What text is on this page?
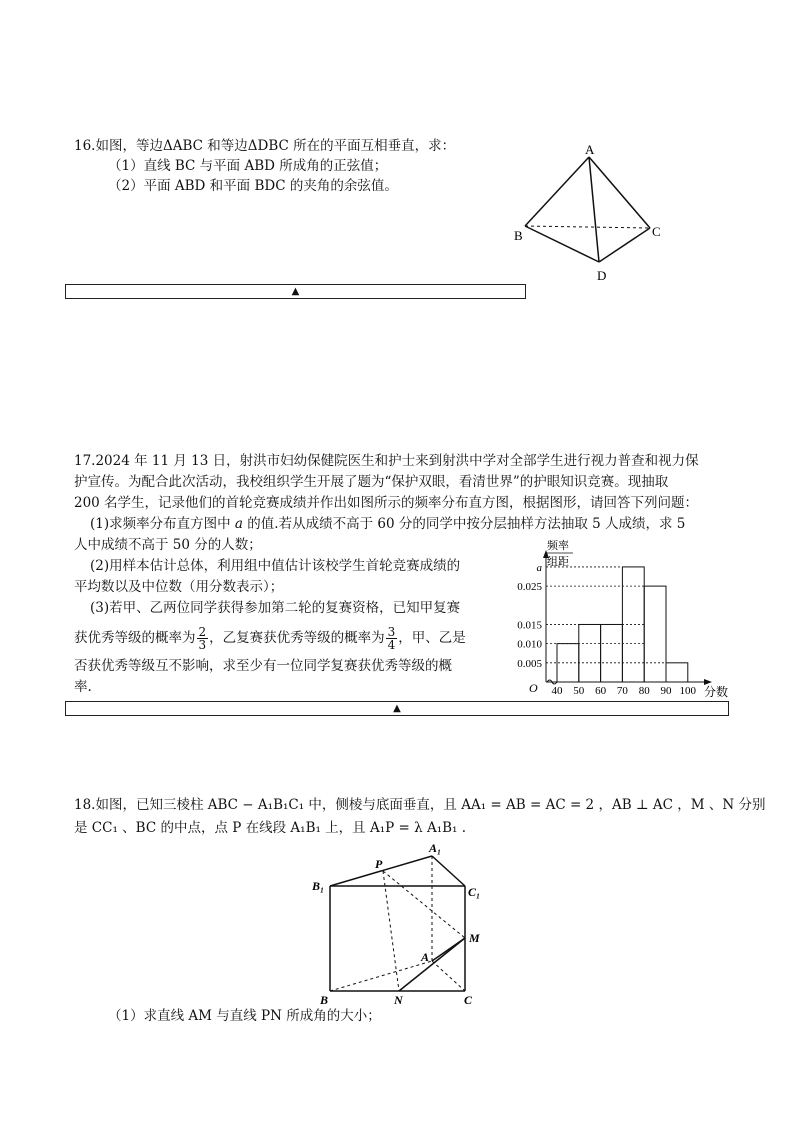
16.如图，等边ΔABC 和等边ΔDBC 所在的平面互相垂直，求：
（1）直线 BC 与平面 ABD 所成角的正弦值；
（2）平面 ABD 和平面 BDC 的夹角的余弦值。
A
B	C
D
▲
17.2024 年 11 月 13 日，射洪市妇幼保健院医生和护士来到射洪中学对全部学生进行视力普查和视力保
护宣传。为配合此次活动，我校组织学生开展了题为“保护双眼，看清世界”的护眼知识竞赛。现抽取
200 名学生，记录他们的首轮竞赛成绩并作出如图所示的频率分布直方图，根据图形，请回答下列问题：
(1)求频率分布直方图中 a 的值.若从成绩不高于 60 分的同学中按分层抽样方法抽取 5 人成绩，求 5
人中成绩不高于 50 分的人数；
(2)用样本估计总体，利用组中值估计该校学生首轮竞赛成绩的
平均数以及中位数（用分数表示）；
(3)若甲、乙两位同学获得参加第二轮的复赛资格，已知甲复赛
获优秀等级的概率为 $\frac{2}{3}$ ，乙复赛获优秀等级的概率为 $\frac{3}{4}$ ，甲、乙是
否获优秀等级互不影响，求至少有一位同学复赛获优秀等级的概
率.
频率
组距
O	分数
0.005
0.010
0.015
0.025
a
40 50 60 70 80 90 100
▲
18.如图，已知三棱柱 ABC − A₁B₁C₁ 中，侧棱与底面垂直，且 AA₁ = AB = AC = 2 ，AB ⊥ AC ，M 、N 分别
是 CC₁ 、BC 的中点，点 P 在线段 A₁B₁ 上，且 A₁P = λ A₁B₁ .
P
A₁
B₁	C₁
M
A
B	N	C
（1）求直线 AM 与直线 PN 所成角的大小；
